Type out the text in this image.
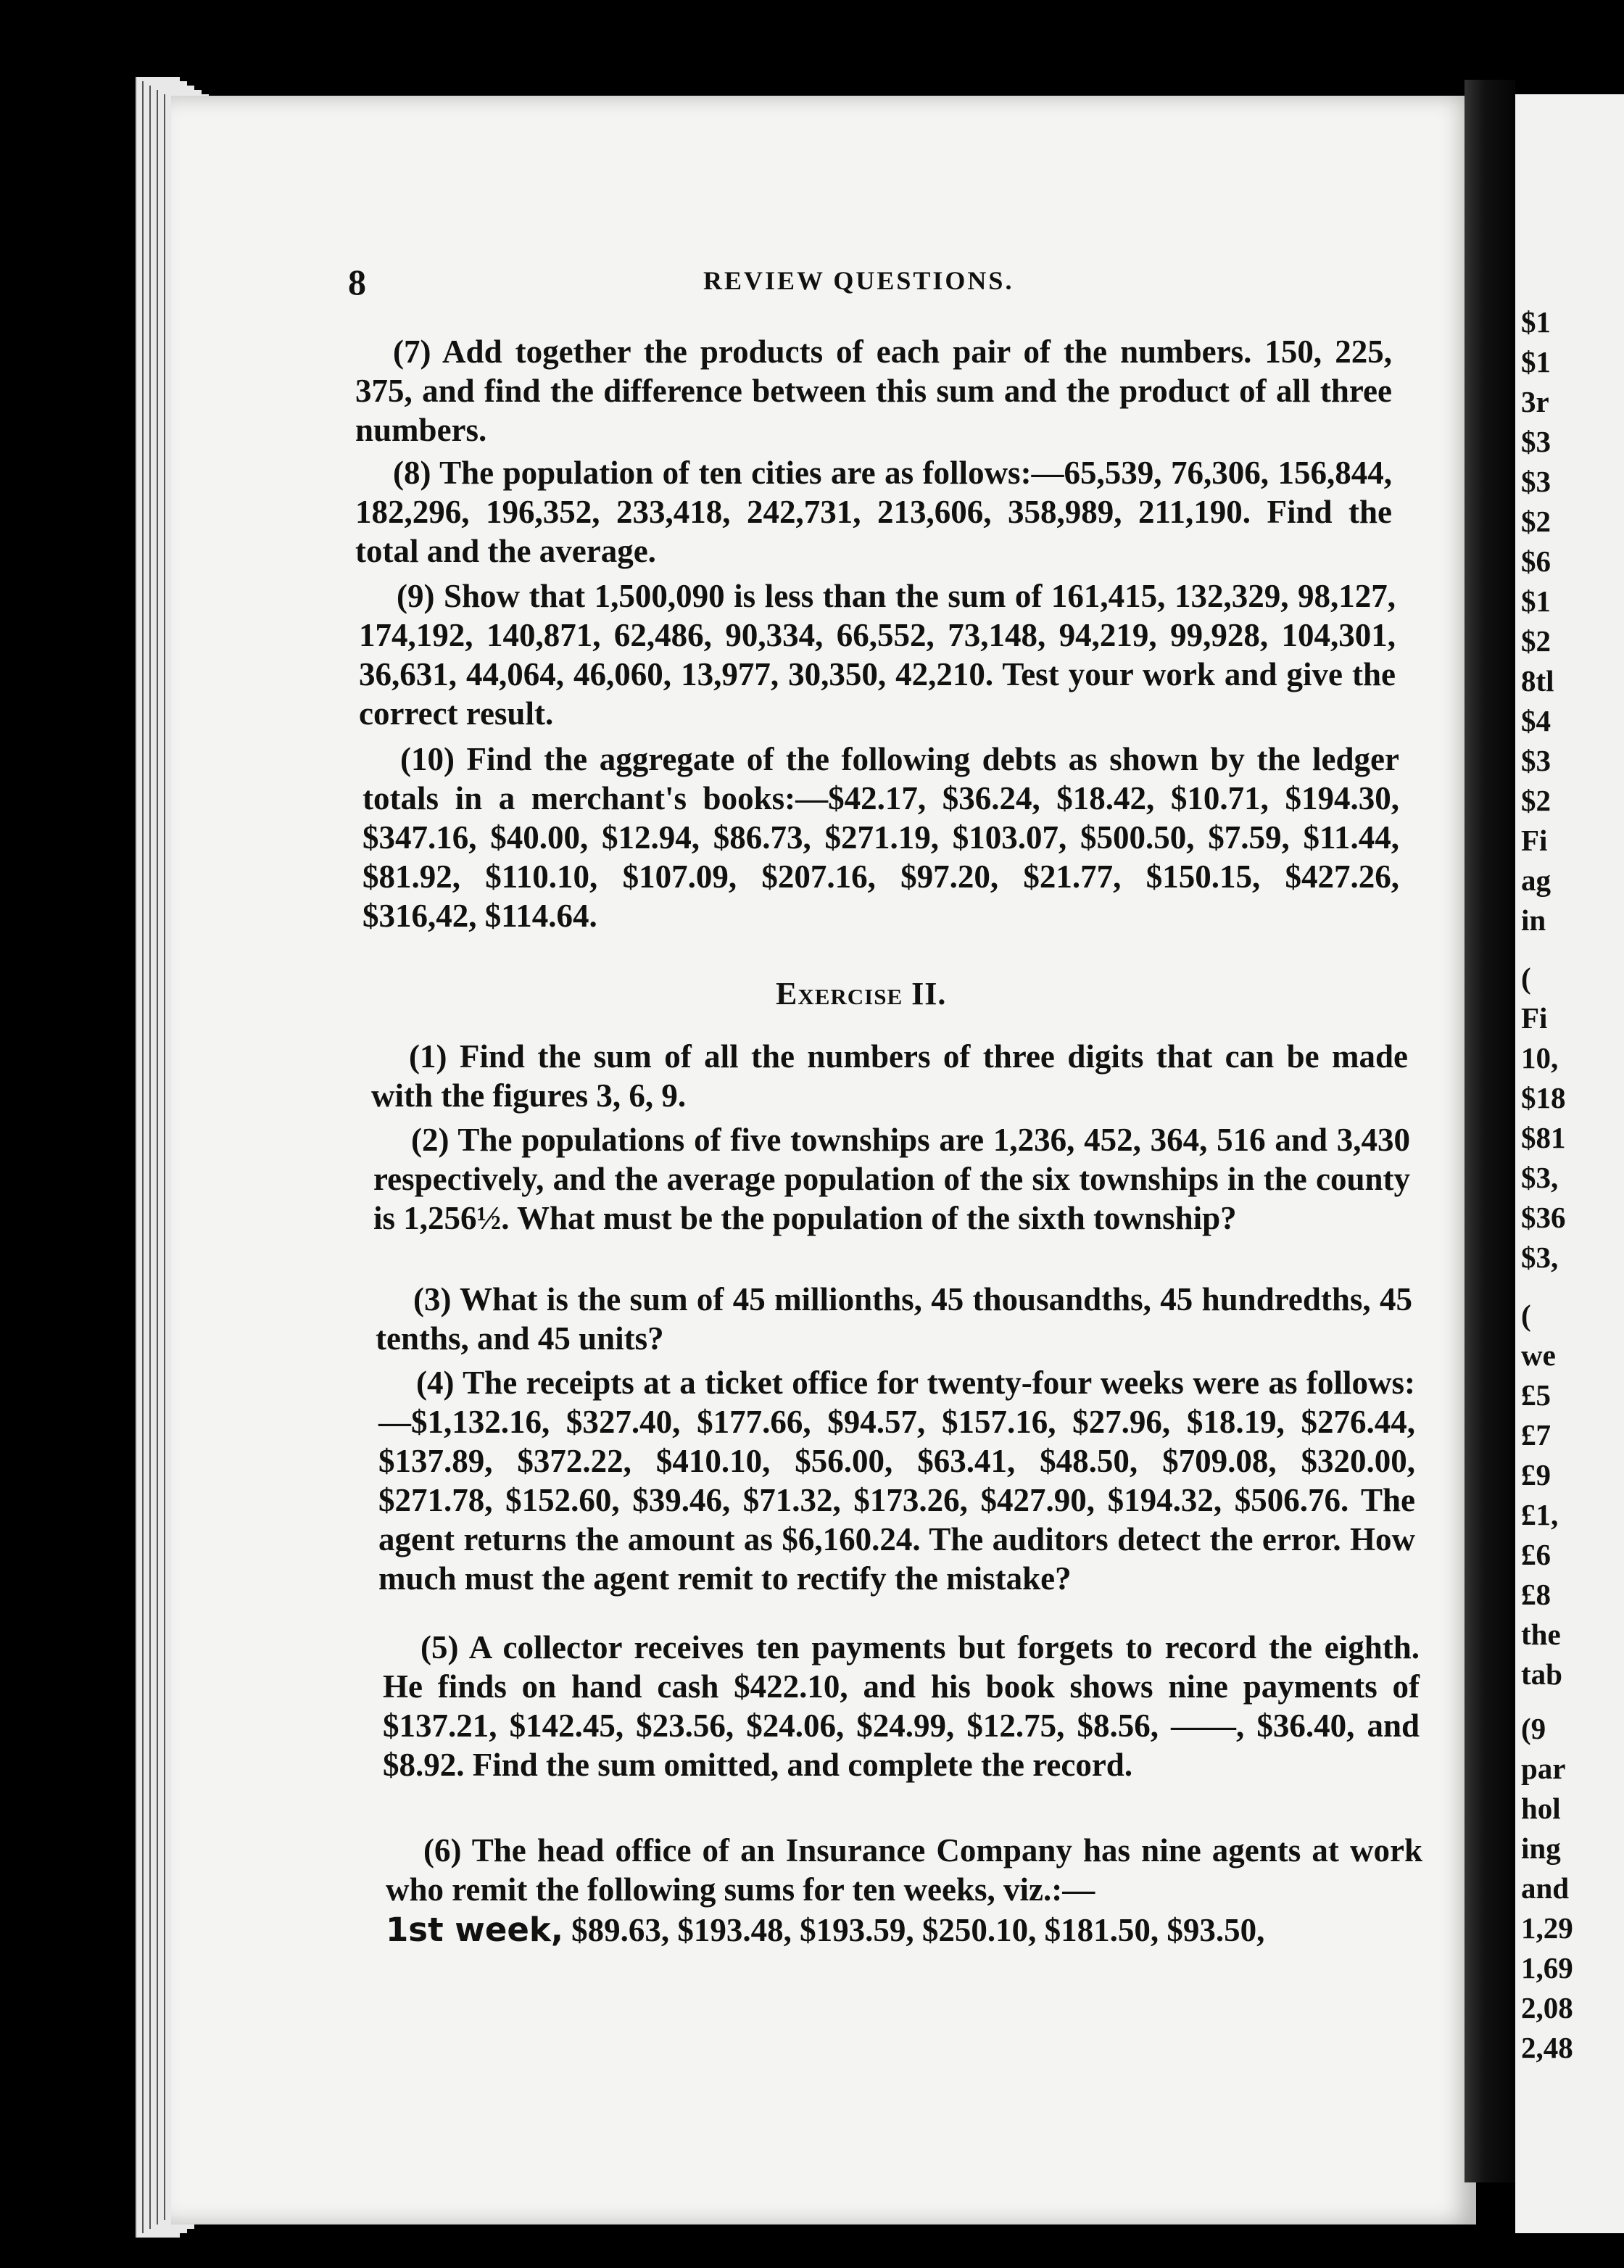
$1
$1
3r
$3
$3
$2
$6
$1
$2
8tl
$4
$3
$2
Fi
ag
in
(
Fi
10,
$18
$81
$3,
$36
$3,
(
we
£5
£7
£9
£1,
£6
£8
the
tab
(9
par
hol
ing
and
1,29
1,69
2,08
2,48
8	REVIEW QUESTIONS.
(7) Add together the products of each pair of the numbers. 150, 225, 375, and find the difference between this sum and the product of all three numbers.
(8) The population of ten cities are as follows:—65,539, 76,306, 156,844, 182,296, 196,352, 233,418, 242,731, 213,606, 358,989, 211,190. Find the total and the average.
(9) Show that 1,500,090 is less than the sum of 161,415, 132,329, 98,127, 174,192, 140,871, 62,486, 90,334, 66,552, 73,148, 94,219, 99,928, 104,301, 36,631, 44,064, 46,060, 13,977, 30,350, 42,210. Test your work and give the correct result.
(10) Find the aggregate of the following debts as shown by the ledger totals in a merchant's books:—$42.17, $36.24, $18.42, $10.71, $194.30, $347.16, $40.00, $12.94, $86.73, $271.19, $103.07, $500.50, $7.59, $11.44, $81.92, $110.10, $107.09, $207.16, $97.20, $21.77, $150.15, $427.26, $316,42, $114.64.
Exercise II.
(1) Find the sum of all the numbers of three digits that can be made with the figures 3, 6, 9.
(2) The populations of five townships are 1,236, 452, 364, 516 and 3,430 respectively, and the average population of the six townships in the county is 1,256½. What must be the population of the sixth township?
(3) What is the sum of 45 millionths, 45 thousandths, 45 hundredths, 45 tenths, and 45 units?
(4) The receipts at a ticket office for twenty-four weeks were as follows:—$1,132.16, $327.40, $177.66, $94.57, $157.16, $27.96, $18.19, $276.44, $137.89, $372.22, $410.10, $56.00, $63.41, $48.50, $709.08, $320.00, $271.78, $152.60, $39.46, $71.32, $173.26, $427.90, $194.32, $506.76. The agent returns the amount as $6,160.24. The auditors detect the error. How much must the agent remit to rectify the mistake?
(5) A collector receives ten payments but forgets to record the eighth. He finds on hand cash $422.10, and his book shows nine payments of $137.21, $142.45, $23.56, $24.06, $24.99, $12.75, $8.56, ——, $36.40, and $8.92. Find the sum omitted, and complete the record.
(6) The head office of an Insurance Company has nine agents at work who remit the following sums for ten weeks, viz.:—
1st week, $89.63, $193.48, $193.59, $250.10, $181.50, $93.50,
